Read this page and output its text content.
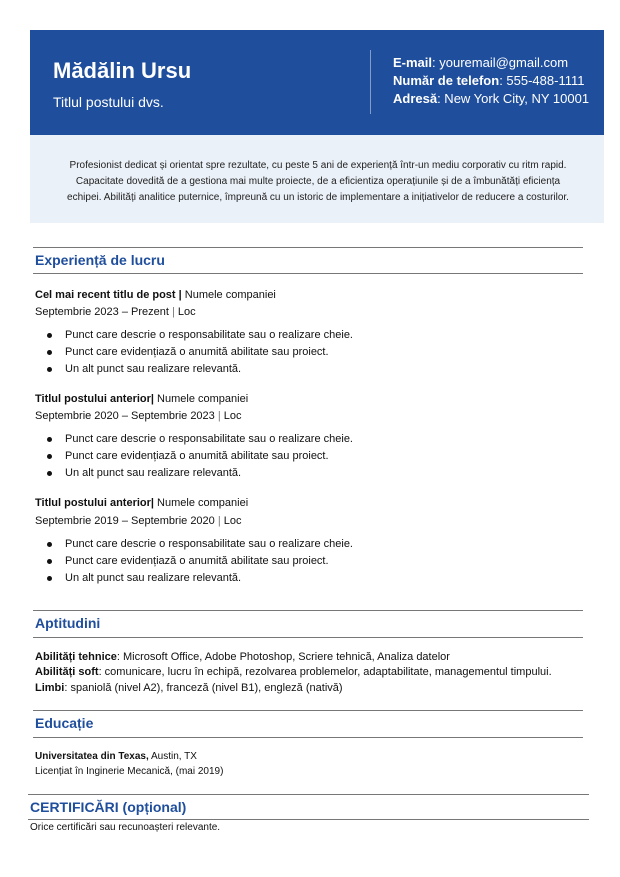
Mădălin Ursu
Titlul postului dvs.
E-mail: youremail@gmail.com
Număr de telefon: 555-488-1111
Adresă: New York City, NY 10001
Profesionist dedicat și orientat spre rezultate, cu peste 5 ani de experiență într-un mediu corporativ cu ritm rapid. Capacitate dovedită de a gestiona mai multe proiecte, de a eficientiza operațiunile și de a îmbunătăți eficiența echipei. Abilități analitice puternice, împreună cu un istoric de implementare a inițiativelor de reducere a costurilor.
Experiență de lucru
Cel mai recent titlu de post | Numele companiei
Septembrie 2023 – Prezent | Loc
Punct care descrie o responsabilitate sau o realizare cheie.
Punct care evidențiază o anumită abilitate sau proiect.
Un alt punct sau realizare relevantă.
Titlul postului anterior| Numele companiei
Septembrie 2020 – Septembrie 2023 | Loc
Punct care descrie o responsabilitate sau o realizare cheie.
Punct care evidențiază o anumită abilitate sau proiect.
Un alt punct sau realizare relevantă.
Titlul postului anterior| Numele companiei
Septembrie 2019 – Septembrie 2020 | Loc
Punct care descrie o responsabilitate sau o realizare cheie.
Punct care evidențiază o anumită abilitate sau proiect.
Un alt punct sau realizare relevantă.
Aptitudini
Abilități tehnice: Microsoft Office, Adobe Photoshop, Scriere tehnică, Analiza datelor
Abilități soft: comunicare, lucru în echipă, rezolvarea problemelor, adaptabilitate, managementul timpului.
Limbi: spaniolă (nivel A2), franceză (nivel B1), engleză (nativă)
Educație
Universitatea din Texas, Austin, TX
Licențiat în Inginerie Mecanică, (mai 2019)
CERTIFICĂRI (opțional)
Orice certificări sau recunoașteri relevante.
